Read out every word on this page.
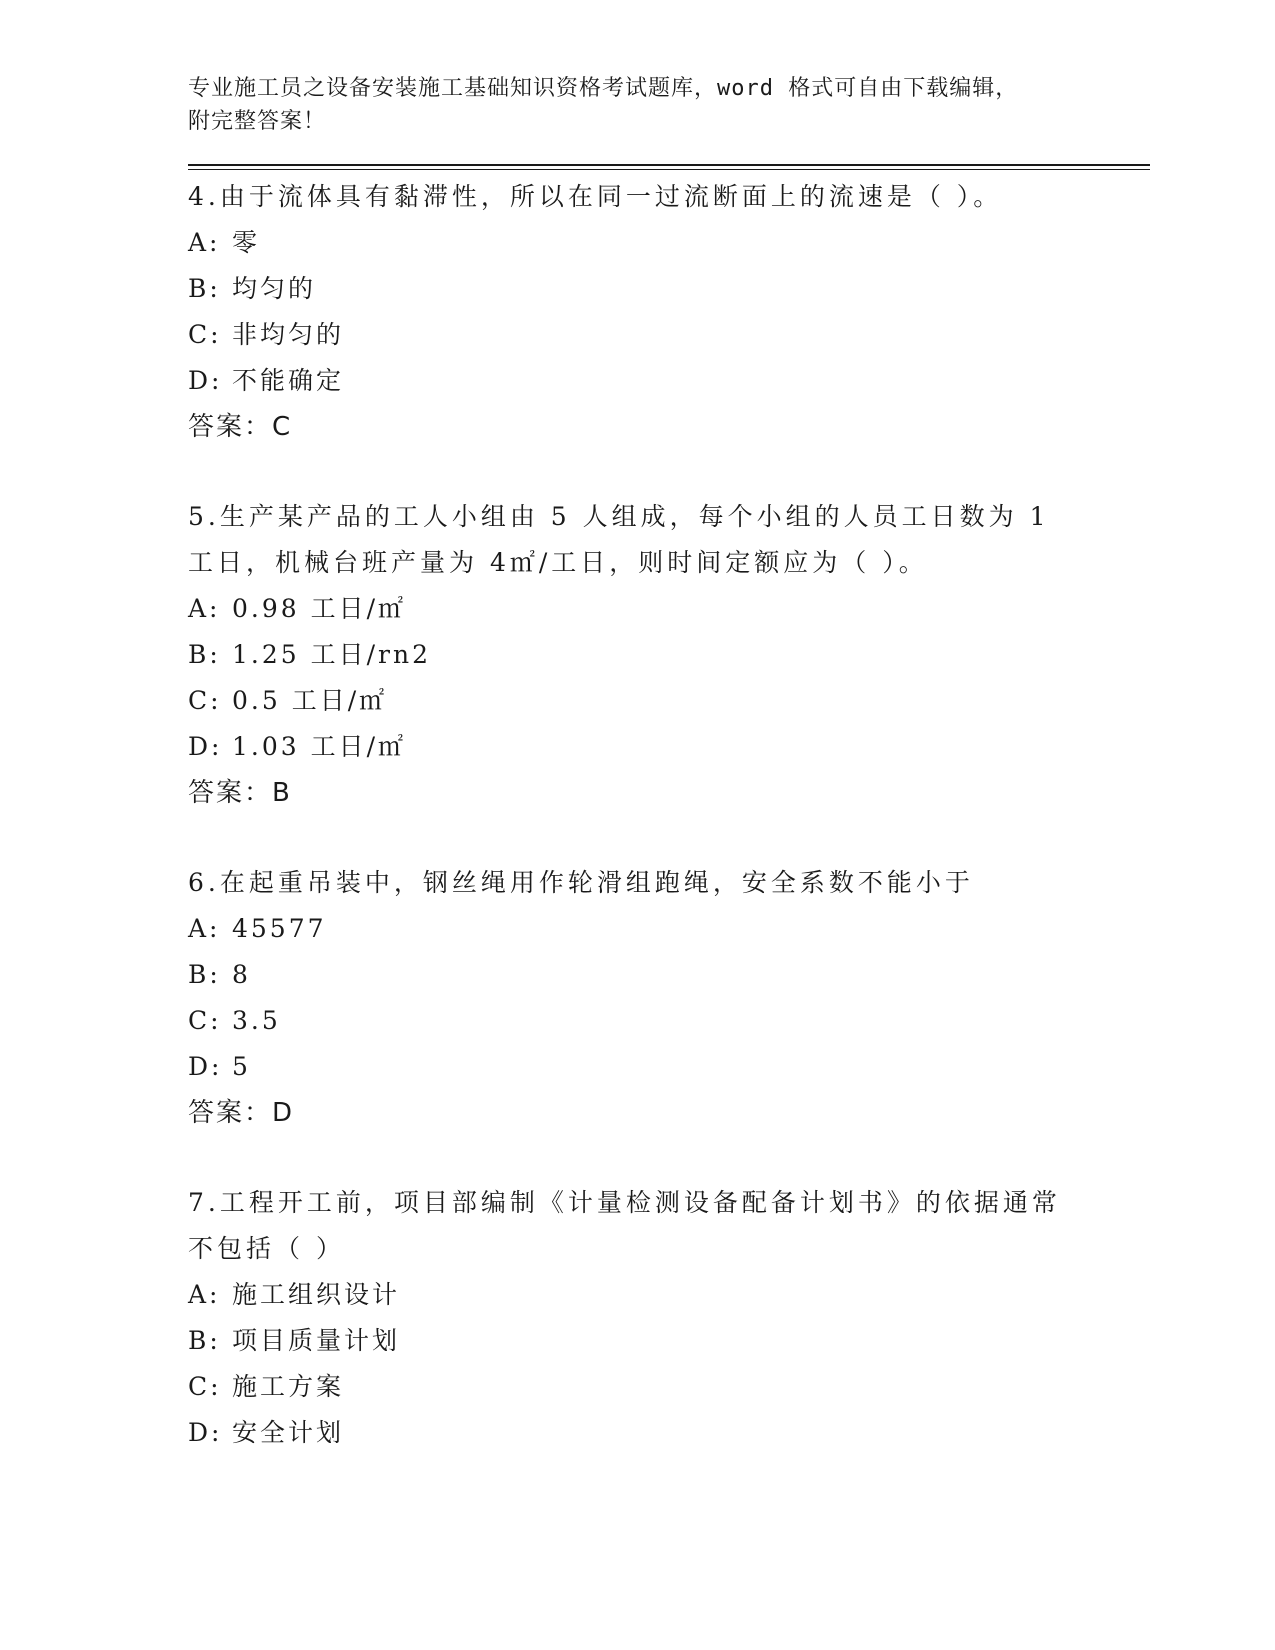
专业施工员之设备安装施工基础知识资格考试题库，word 格式可自由下载编辑，
附完整答案！
4.由于流体具有黏滞性，所以在同一过流断面上的流速是（ ）。
A: 零
B: 均匀的
C: 非均匀的
D: 不能确定
答案：C
5.生产某产品的工人小组由 5 人组成，每个小组的人员工日数为 1 工日，机械台班产量为 4㎡/工日，则时间定额应为（ ）。
A: 0.98 工日/㎡
B: 1.25 工日/rn2
C: 0.5 工日/㎡
D: 1.03 工日/㎡
答案：B
6.在起重吊装中，钢丝绳用作轮滑组跑绳，安全系数不能小于
A: 45577
B: 8
C: 3.5
D: 5
答案：D
7.工程开工前，项目部编制《计量检测设备配备计划书》的依据通常不包括（ ）
A: 施工组织设计
B: 项目质量计划
C: 施工方案
D: 安全计划
